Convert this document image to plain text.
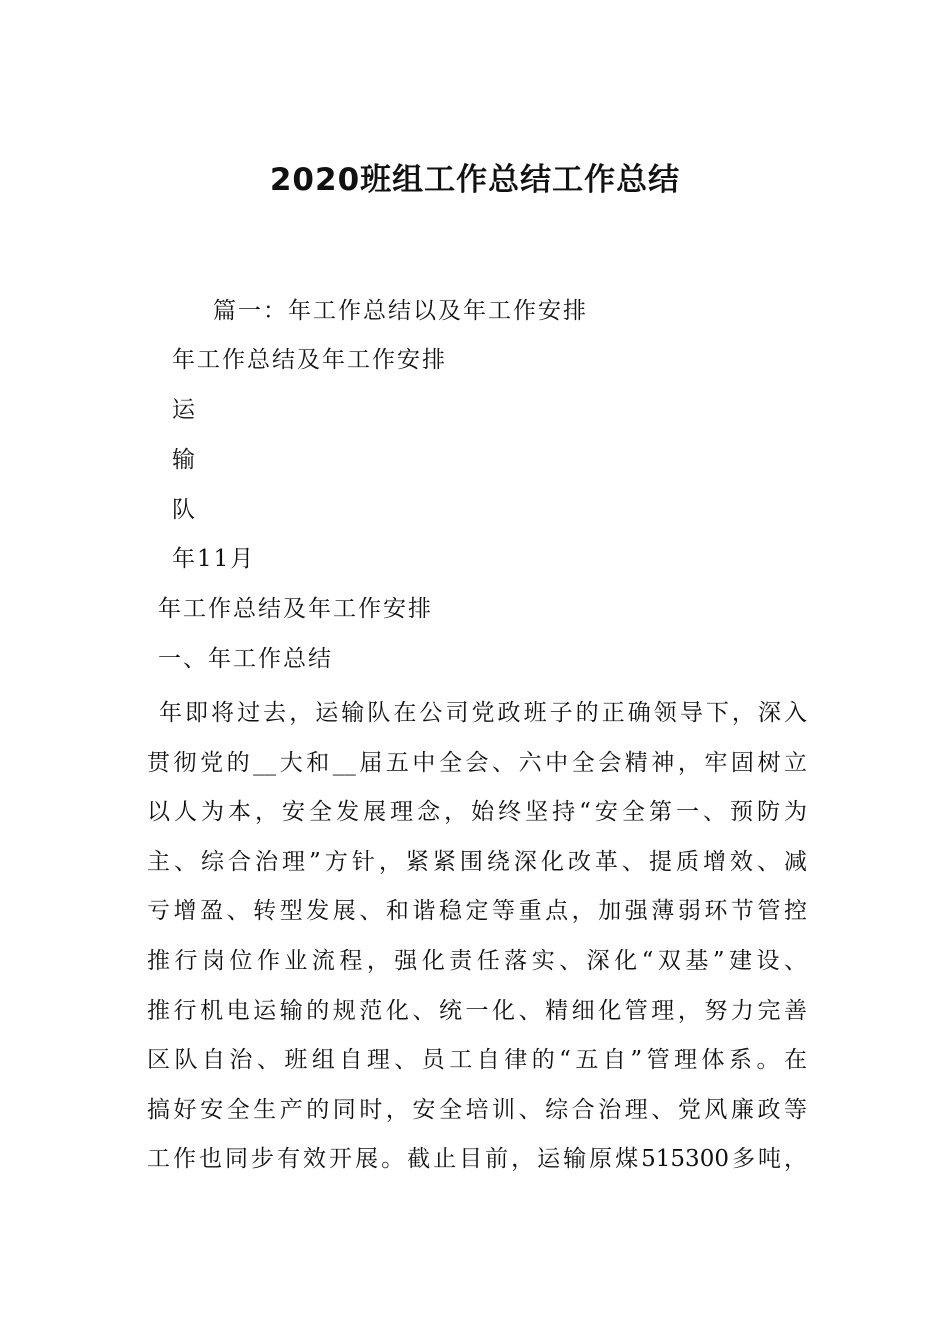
2020班组工作总结工作总结
篇一：年工作总结以及年工作安排
年工作总结及年工作安排
运
输
队
年11月
年工作总结及年工作安排
一、年工作总结
年即将过去，运输队在公司党政班子的正确领导下，深入
贯彻党的__大和__届五中全会、六中全会精神，牢固树立
以人为本，安全发展理念，始终坚持“安全第一、预防为
主、综合治理”方针，紧紧围绕深化改革、提质增效、减
亏增盈、转型发展、和谐稳定等重点，加强薄弱环节管控
推行岗位作业流程，强化责任落实、深化“双基”建设、
推行机电运输的规范化、统一化、精细化管理，努力完善
区队自治、班组自理、员工自律的“五自”管理体系。在
搞好安全生产的同时，安全培训、综合治理、党风廉政等
工作也同步有效开展。截止目前，运输原煤515300多吨，
